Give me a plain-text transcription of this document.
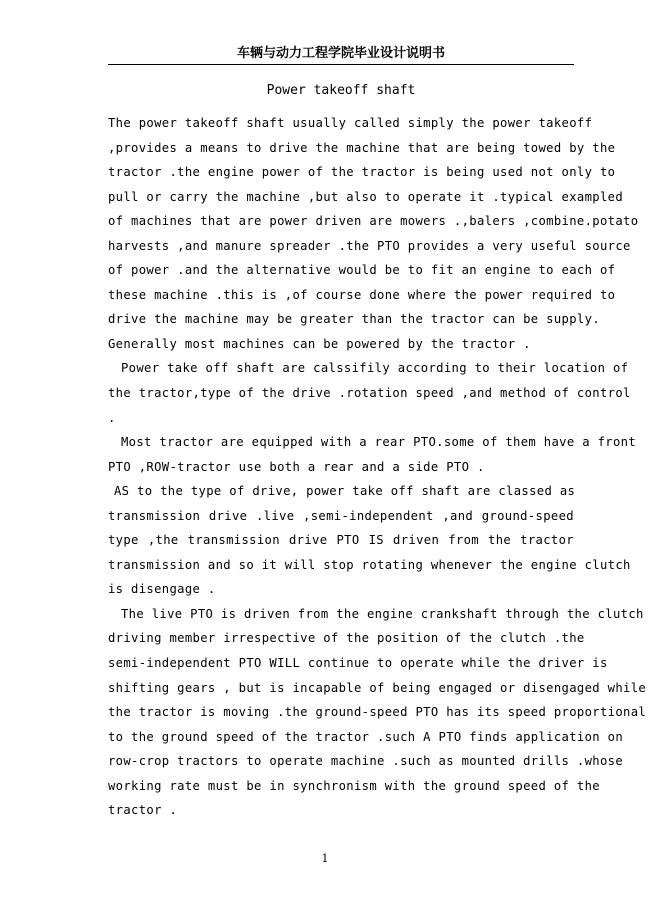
车辆与动力工程学院毕业设计说明书
Power takeoff shaft
The power takeoff shaft usually called simply the power takeoff
,provides a means to drive the machine that are being towed by the
tractor .the engine power of the tractor is being used not only to
pull or carry the machine ,but also to operate it .typical exampled
of machines that are power driven are mowers .,balers ,combine.potato
harvests ,and manure spreader .the PTO provides a very useful source
of power .and the alternative would be to fit an engine to each of
these machine .this is ,of course done where the power required to
drive the machine may be greater than the tractor can be supply.
Generally most machines can be powered by the tractor .
Power take off shaft are calssifily according to their location of
the tractor,type of the drive .rotation speed ,and method of control
.
Most tractor are equipped with a rear PTO.some of them have a front
PTO ,ROW-tractor use both a rear and a side PTO .
AS to the type of drive, power take off shaft are classed as
transmission drive .live ,semi-independent ,and ground-speed
type ,the transmission drive PTO IS driven from the tractor
transmission and so it will stop rotating whenever the engine clutch
is disengage .
The live PTO is driven from the engine crankshaft through the clutch
driving member irrespective of the position of the clutch .the
semi-independent PTO WILL continue to operate while the driver is
shifting gears , but is incapable of being engaged or disengaged while
the tractor is moving .the ground-speed PTO has its speed proportional
to the ground speed of the tractor .such A PTO finds application on
row-crop tractors to operate machine .such as mounted drills .whose
working rate must be in synchronism with the ground speed of the
tractor .
1
